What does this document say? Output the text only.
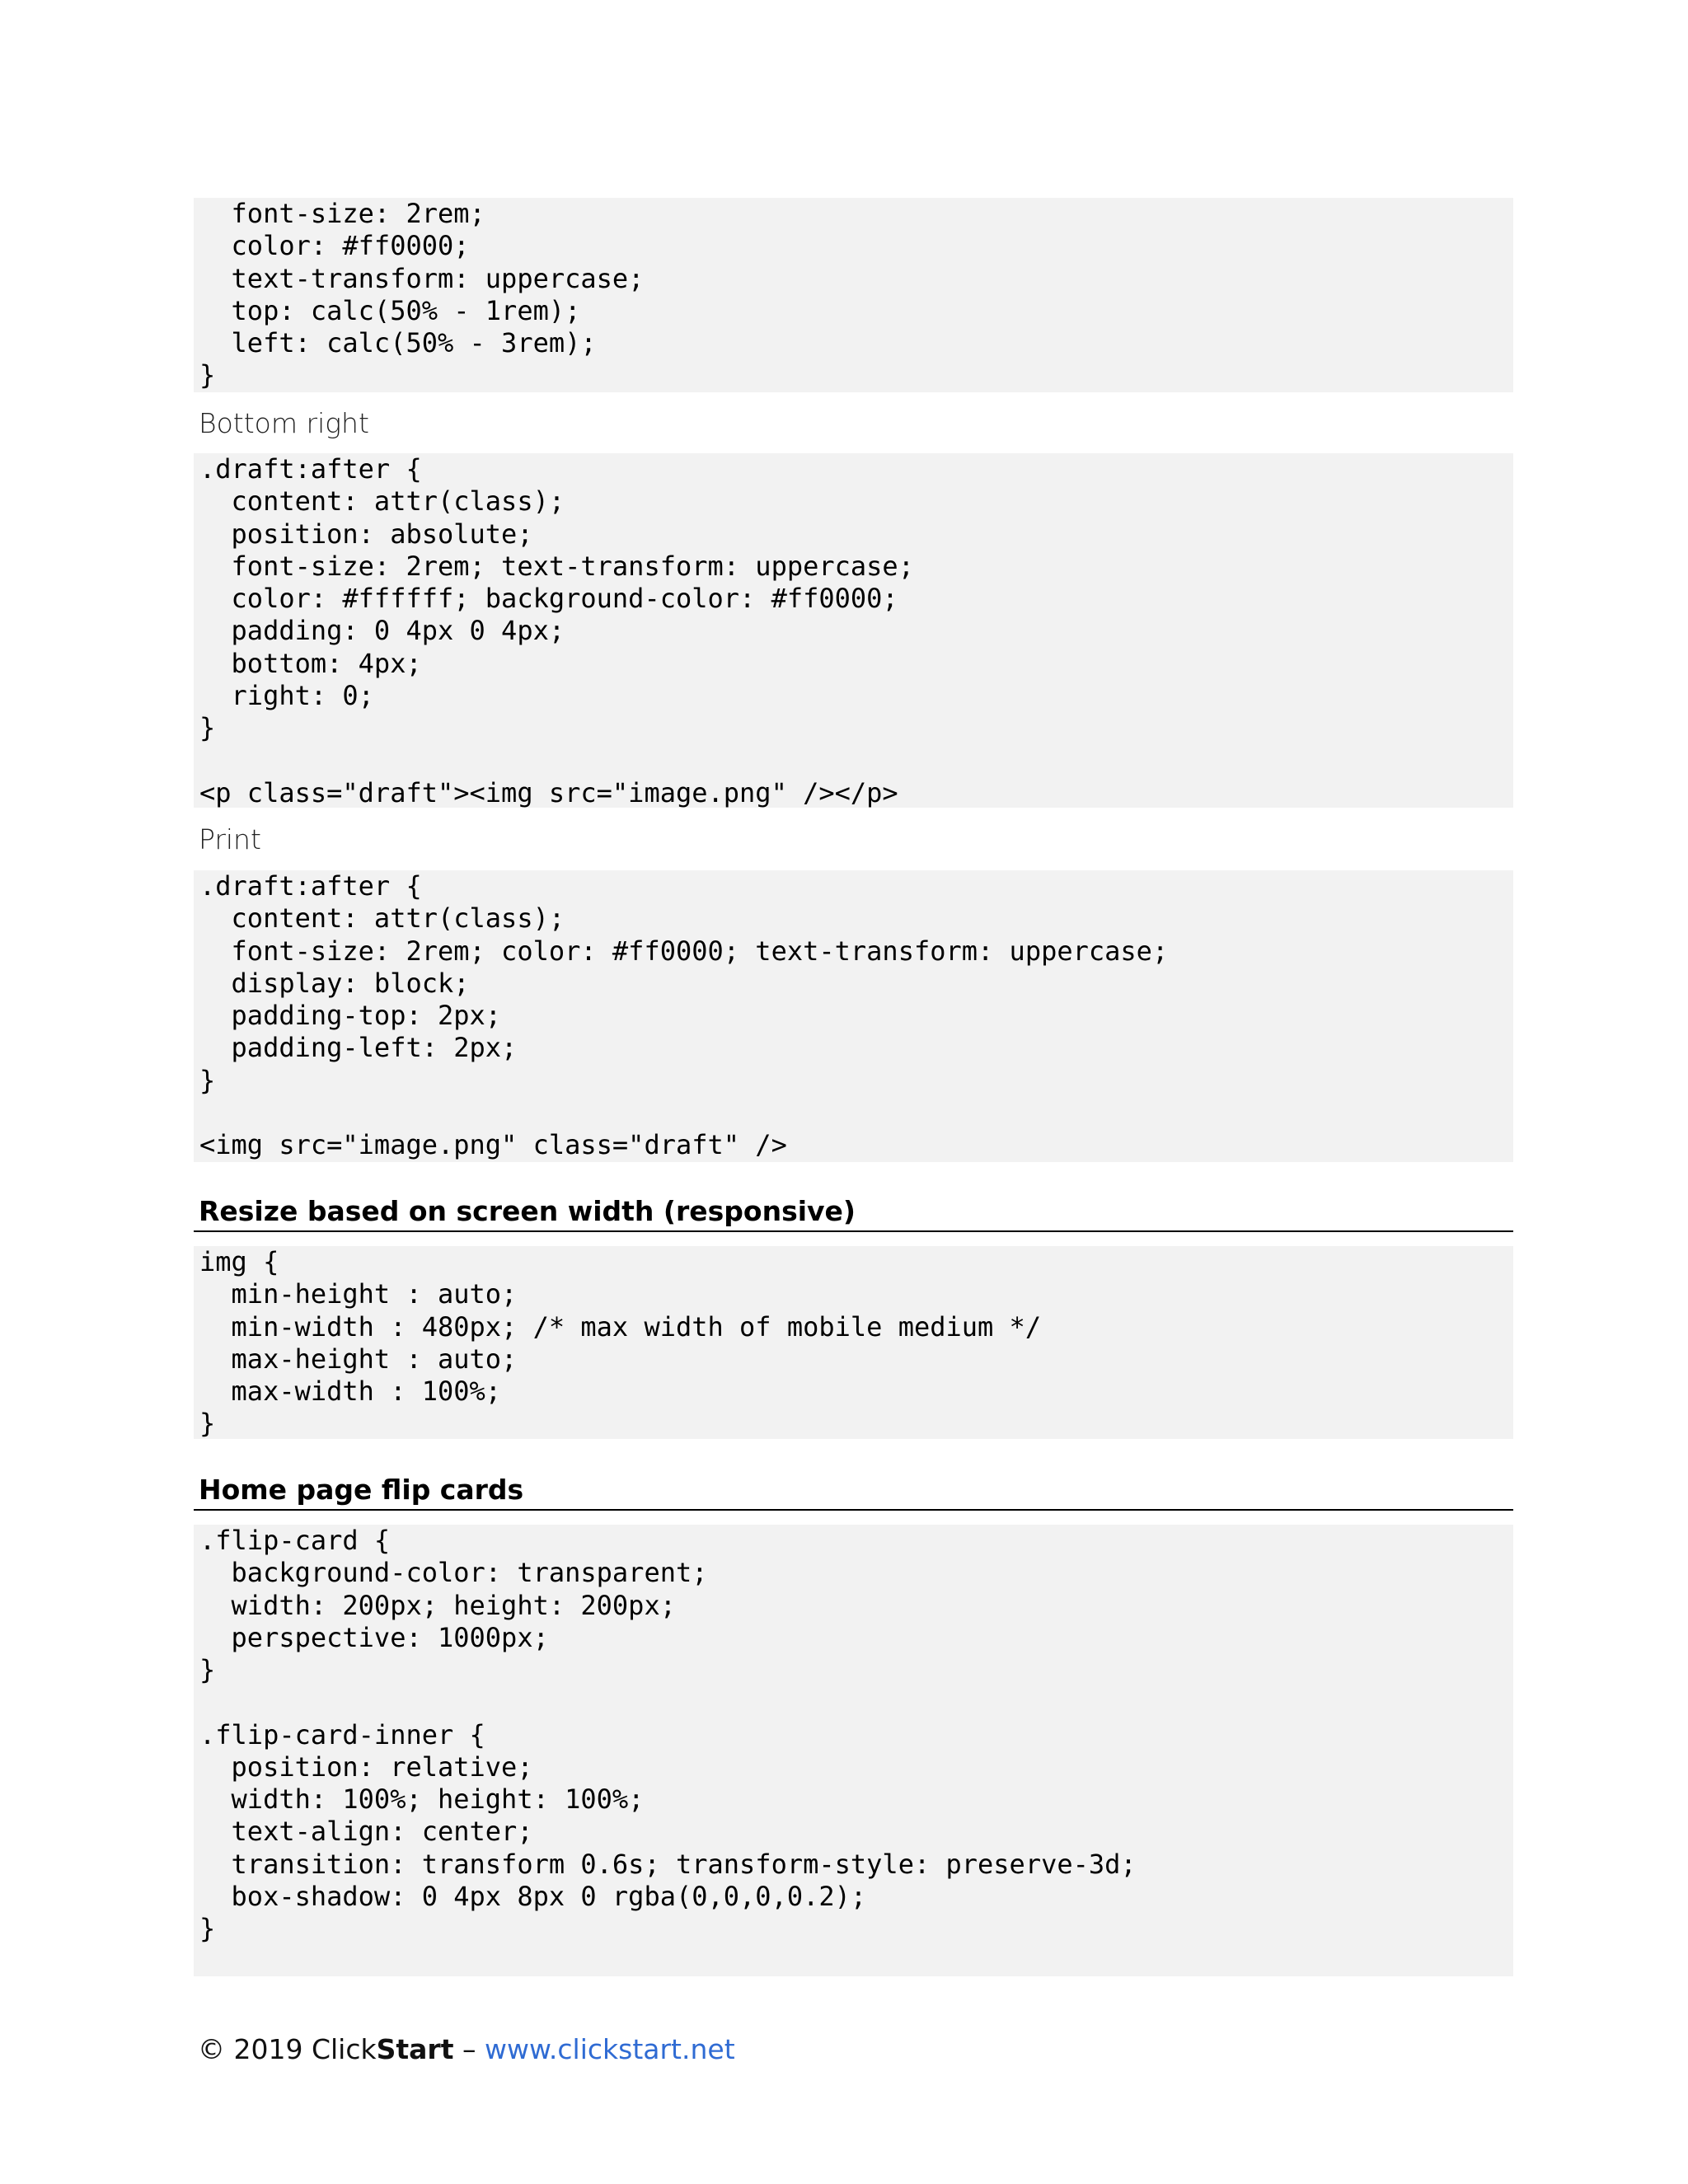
font-size: 2rem;
color: #ff0000;
text-transform: uppercase;
top: calc(50% - 1rem);
left: calc(50% - 3rem);
}
Bottom right
.draft:after {
content: attr(class);
position: absolute;
font-size: 2rem; text-transform: uppercase;
color: #ffffff; background-color: #ff0000;
padding: 0 4px 0 4px;
bottom: 4px;
right: 0;
}

<p class="draft"><img src="image.png" /></p>
Print
.draft:after {
content: attr(class);
font-size: 2rem; color: #ff0000; text-transform: uppercase;
display: block;
padding-top: 2px;
padding-left: 2px;
}

<img src="image.png" class="draft" />
Resize based on screen width (responsive)
img {
min-height : auto;
min-width : 480px; /* max width of mobile medium */
max-height : auto;
max-width : 100%;
}
Home page flip cards
.flip-card {
background-color: transparent;
width: 200px; height: 200px;
perspective: 1000px;
}

.flip-card-inner {
position: relative;
width: 100%; height: 100%;
text-align: center;
transition: transform 0.6s; transform-style: preserve-3d;
box-shadow: 0 4px 8px 0 rgba(0,0,0,0.2);
}
© 2019 ClickStart – www.clickstart.net
